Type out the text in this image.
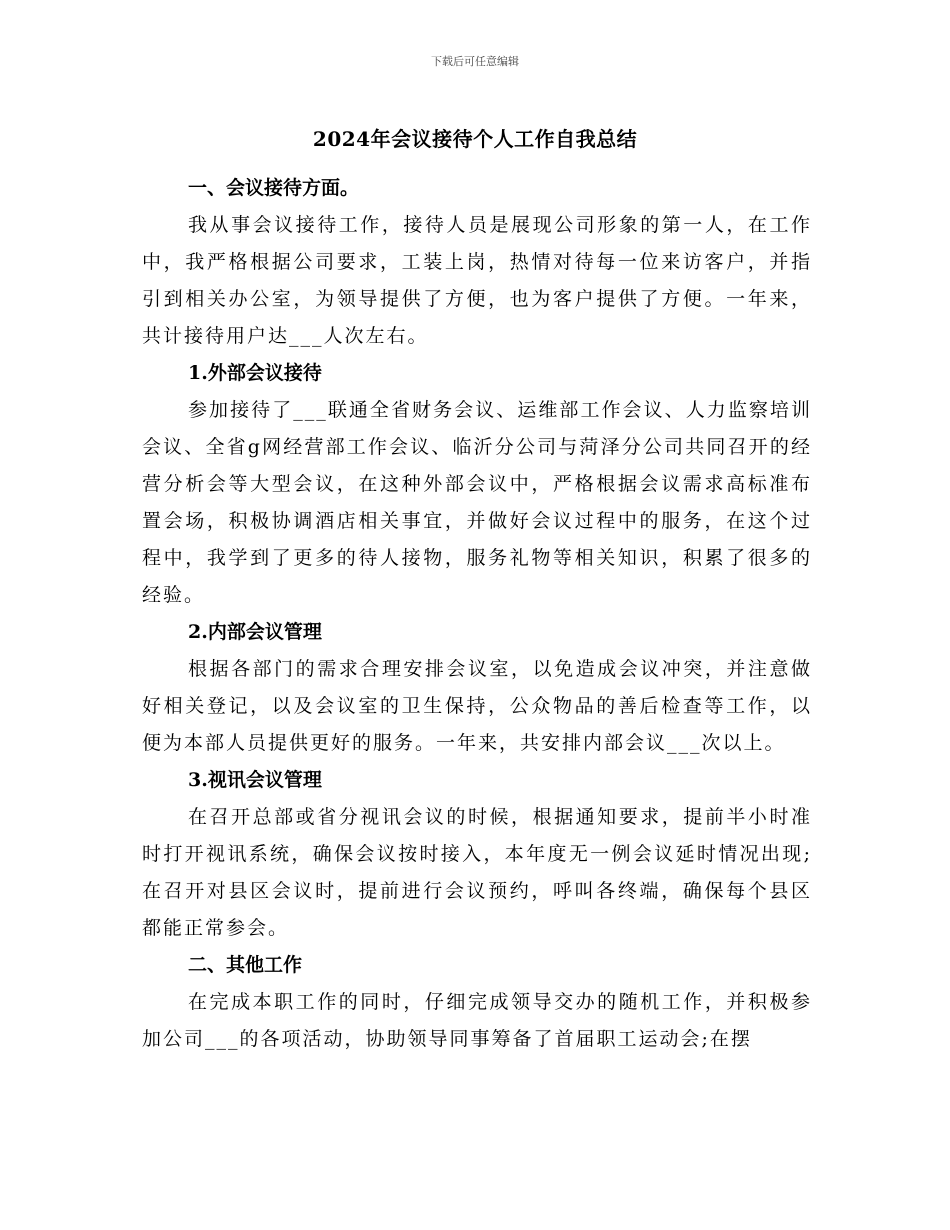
下载后可任意编辑
2024年会议接待个人工作自我总结

一、会议接待方面。

我从事会议接待工作，接待人员是展现公司形象的第一人，在工作中，我严格根据公司要求，工装上岗，热情对待每一位来访客户，并指引到相关办公室，为领导提供了方便，也为客户提供了方便。一年来，共计接待用户达___人次左右。

1.外部会议接待

参加接待了___联通全省财务会议、运维部工作会议、人力监察培训会议、全省g网经营部工作会议、临沂分公司与菏泽分公司共同召开的经营分析会等大型会议，在这种外部会议中，严格根据会议需求高标准布置会场，积极协调酒店相关事宜，并做好会议过程中的服务，在这个过程中，我学到了更多的待人接物，服务礼物等相关知识，积累了很多的经验。

2.内部会议管理

根据各部门的需求合理安排会议室，以免造成会议冲突，并注意做好相关登记，以及会议室的卫生保持，公众物品的善后检查等工作，以便为本部人员提供更好的服务。一年来，共安排内部会议___次以上。

3.视讯会议管理

在召开总部或省分视讯会议的时候，根据通知要求，提前半小时准时打开视讯系统，确保会议按时接入，本年度无一例会议延时情况出现;在召开对县区会议时，提前进行会议预约，呼叫各终端，确保每个县区都能正常参会。

二、其他工作

在完成本职工作的同时，仔细完成领导交办的随机工作，并积极参加公司___的各项活动，协助领导同事筹备了首届职工运动会;在摆
